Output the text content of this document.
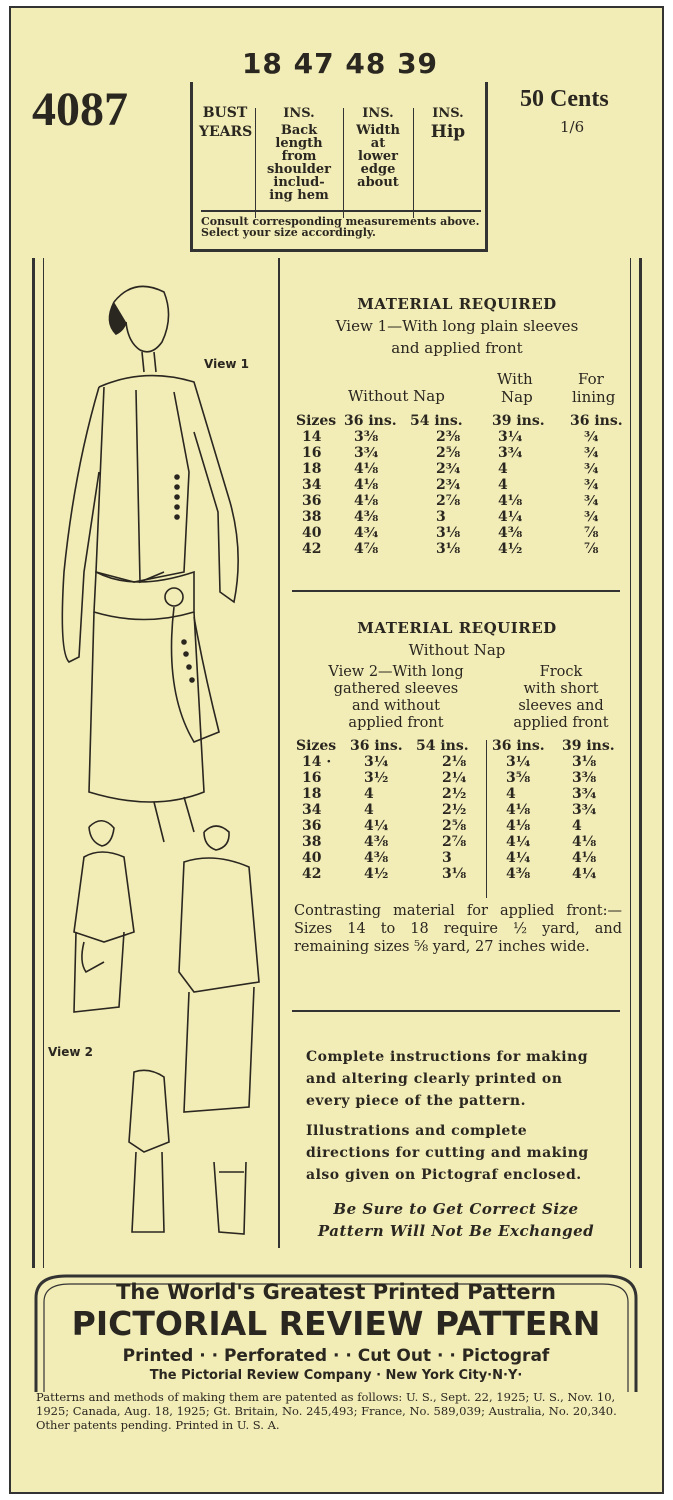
18 47 48 39
4087	50 Cents
1/6
BUST
YEARS
INS.
Back length from shoulder includ-ing hem
INS.
Width at lower edge about
INS.
Hip
Consult corresponding measurements above. Select your size accordingly.
View 1
View 2
MATERIAL REQUIRED
View 1—With long plain sleeves
and applied front
Without Nap
With
Nap
For
lining
Sizes	36 ins.	54 ins.	39 ins.	36 ins.
14	3⅜	2⅜	3¼	¾
16	3¾	2⅝	3¾	¾
18	4⅛	2¾	4	¾
34	4⅛	2¾	4	¾
36	4⅛	2⅞	4⅛	¾
38	4⅜	3	4¼	¾
40	4¾	3⅛	4⅜	⅞
42	4⅞	3⅛	4½	⅞
MATERIAL REQUIRED
Without Nap
View 2—With long
gathered sleeves
and without
applied front
Frock
with short
sleeves and
applied front
Sizes	36 ins.	54 ins.	36 ins.	39 ins.
14 ·	3¼	2⅛	3¼	3⅛
16	3½	2¼	3⅝	3⅜
18	4	2½	4	3¾
34	4	2½	4⅛	3¾
36	4¼	2⅝	4⅛	4
38	4⅜	2⅞	4¼	4⅛
40	4⅜	3	4¼	4⅛
42	4½	3⅛	4⅜	4¼
Contrasting material for applied front:—Sizes 14 to 18 require ½ yard, and remaining sizes ⅝ yard, 27 inches wide.
Complete instructions for making and altering clearly printed on every piece of the pattern.
Illustrations and complete directions for cutting and making also given on Pictograf enclosed.
Be Sure to Get Correct Size
Pattern Will Not Be Exchanged
The World's Greatest Printed Pattern
PICTORIAL REVIEW PATTERN
Printed · · Perforated · · Cut Out · · Pictograf
The Pictorial Review Company · New York City·N·Y·
Patterns and methods of making them are patented as follows: U. S., Sept. 22, 1925; U. S., Nov. 10, 1925; Canada, Aug. 18, 1925; Gt. Britain, No. 245,493; France, No. 589,039; Australia, No. 20,340. Other patents pending. Printed in U. S. A.
